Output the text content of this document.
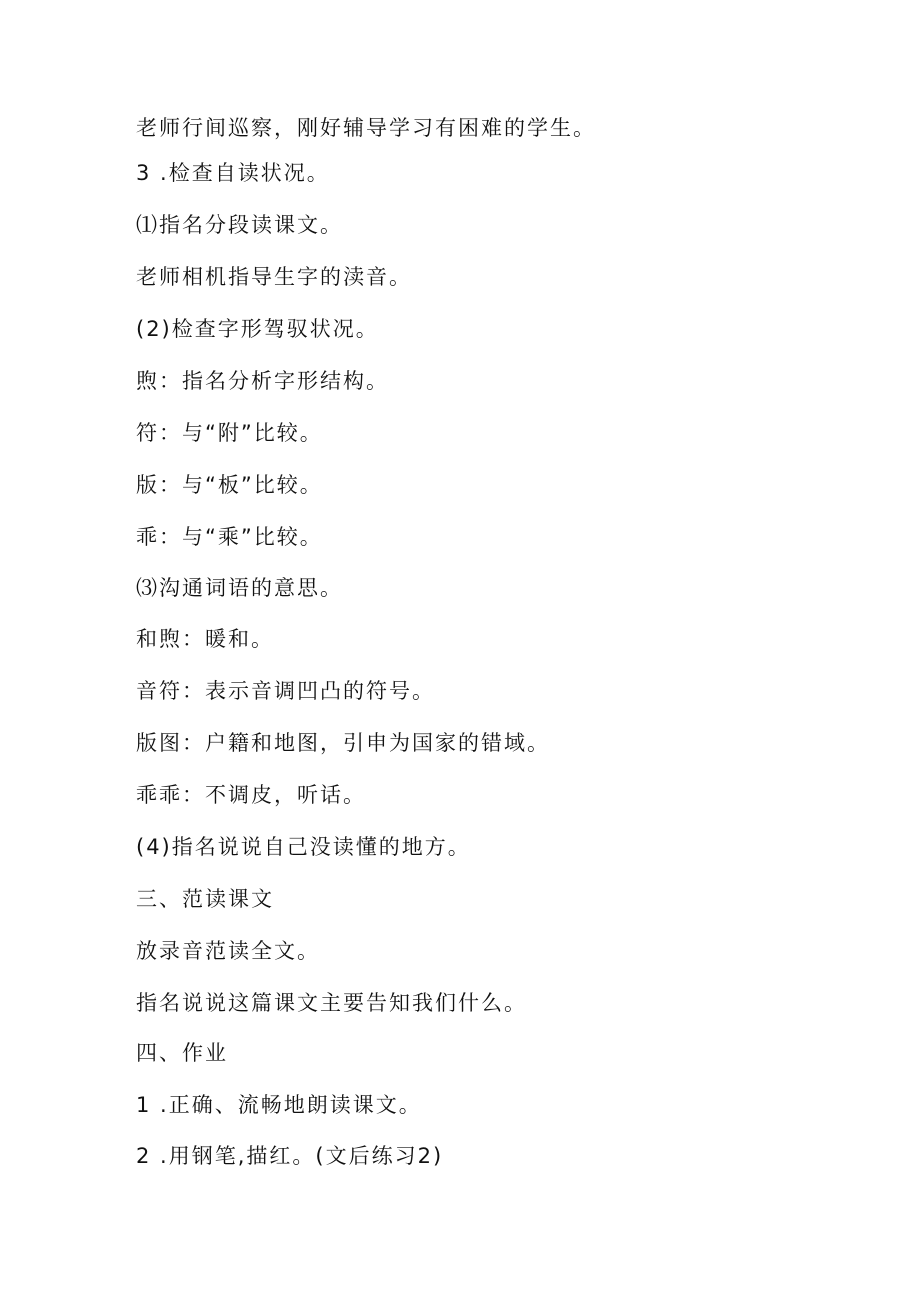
老师行间巡察，刚好辅导学习有困难的学生。
3 .检查自读状况。
⑴指名分段读课文。
老师相机指导生字的渎音。
(2)检查字形驾驭状况。
煦：指名分析字形结构。
符：与“附”比较。
版：与“板”比较。
乖：与“乘”比较。
⑶沟通词语的意思。
和煦：暖和。
音符：表示音调凹凸的符号。
版图：户籍和地图，引申为国家的错域。
乖乖：不调皮，听话。
(4)指名说说自己没读懂的地方。
三、范读课文
放录音范读全文。
指名说说这篇课文主要告知我们什么。
四、作业
1 .正确、流畅地朗读课文。
2 .用钢笔,描红。(文后练习2)
